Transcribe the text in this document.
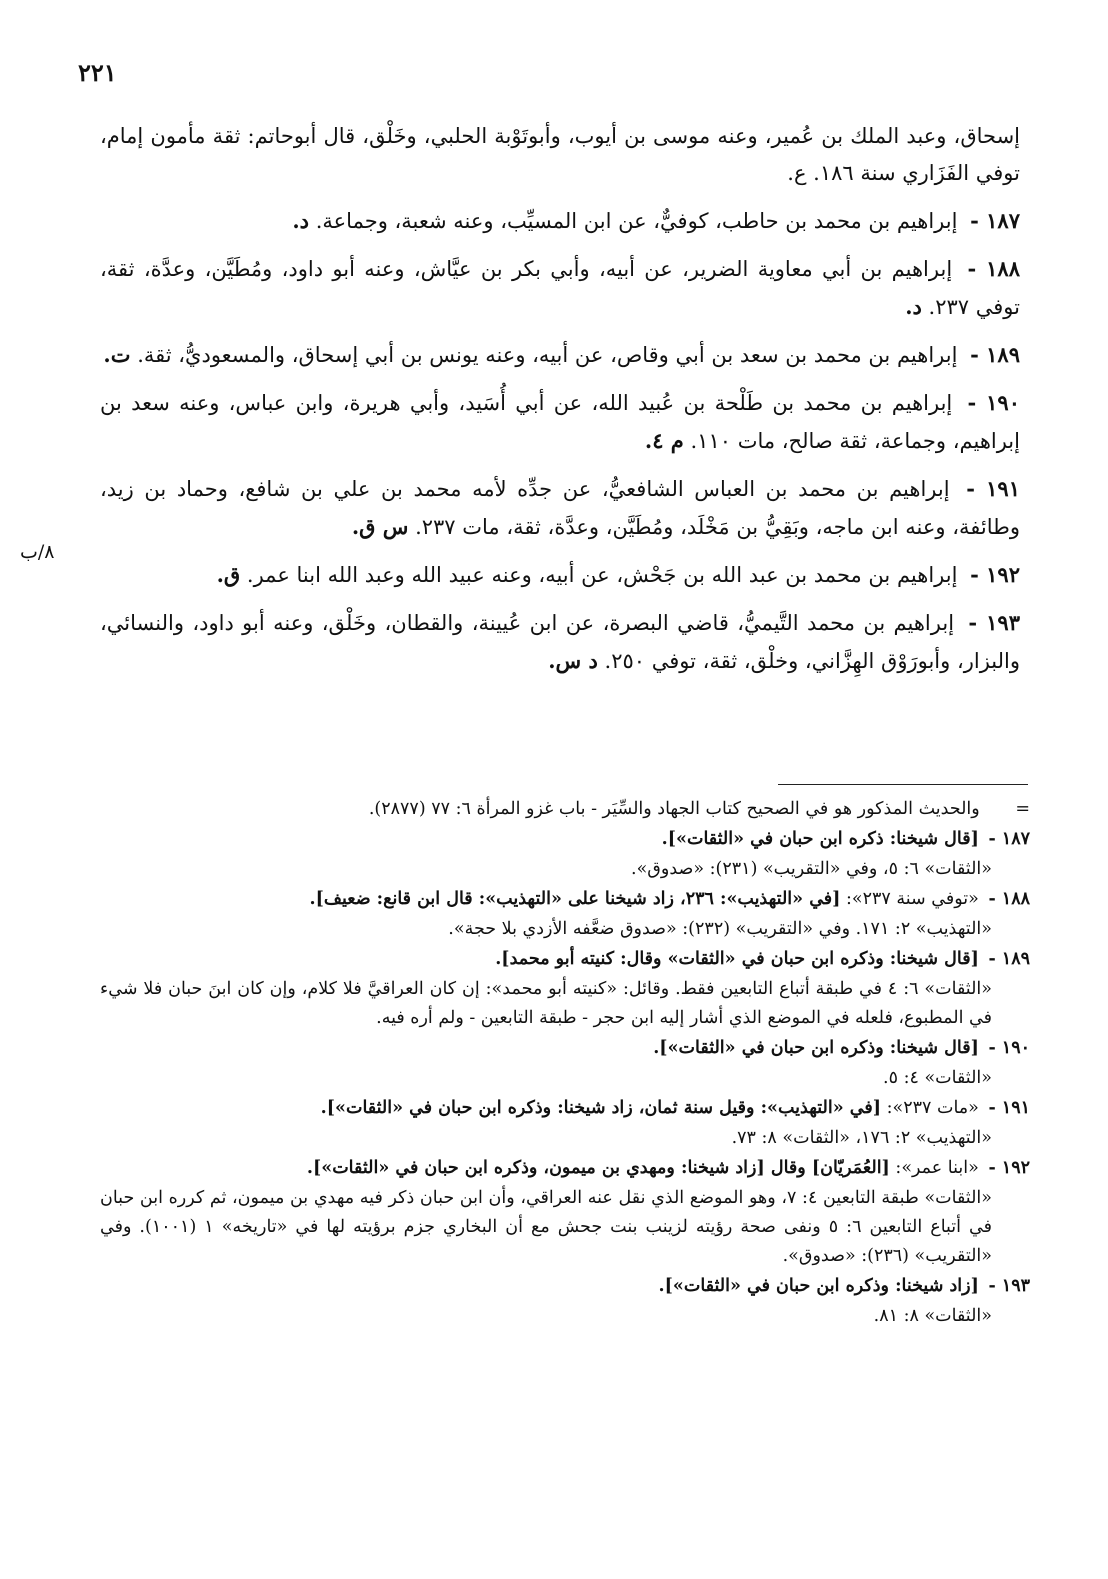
٢٢١
٨/ب

إسحاق، وعبد الملك بن عُمير، وعنه موسى بن أيوب، وأبوتَوْبة الحلبي، وخَلْق، قال أبوحاتم: ثقة مأمون إمام، توفي الفَزَاري سنة ١٨٦. ع.

١٨٧ - إبراهيم بن محمد بن حاطب، كوفيٌّ، عن ابن المسيِّب، وعنه شعبة، وجماعة. د.

١٨٨ - إبراهيم بن أبي معاوية الضرير، عن أبيه، وأبي بكر بن عيَّاش، وعنه أبو داود، ومُطَيَّن، وعدَّة، ثقة، توفي ٢٣٧. د.

١٨٩ - إبراهيم بن محمد بن سعد بن أبي وقاص، عن أبيه، وعنه يونس بن أبي إسحاق، والمسعوديُّ، ثقة. ت.

١٩٠ - إبراهيم بن محمد بن طَلْحة بن عُبيد الله، عن أبي أُسَيد، وأبي هريرة، وابن عباس، وعنه سعد بن إبراهيم، وجماعة، ثقة صالح، مات ١١٠. م ٤.

١٩١ - إبراهيم بن محمد بن العباس الشافعيُّ، عن جدِّه لأمه محمد بن علي بن شافع، وحماد بن زيد، وطائفة، وعنه ابن ماجه، وبَقِيُّ بن مَخْلَد، ومُطَيَّن، وعدَّة، ثقة، مات ٢٣٧. س ق.

١٩٢ - إبراهيم بن محمد بن عبد الله بن جَحْش، عن أبيه، وعنه عبيد الله وعبد الله ابنا عمر. ق.

١٩٣ - إبراهيم بن محمد التَّيميُّ، قاضي البصرة، عن ابن عُيينة، والقطان، وخَلْق، وعنه أبو داود، والنسائي، والبزار، وأبورَوْق الهِزَّاني، وخلْق، ثقة، توفي ٢٥٠. د س.

= والحديث المذكور هو في الصحيح كتاب الجهاد والسِّيَر - باب غزو المرأة ٦: ٧٧ (٢٨٧٧).

١٨٧ - [قال شيخنا: ذكره ابن حبان في «الثقات»].

«الثقات» ٦: ٥، وفي «التقريب» (٢٣١): «صدوق».

١٨٨ - «توفي سنة ٢٣٧»: [في «التهذيب»: ٢٣٦، زاد شيخنا على «التهذيب»: قال ابن قانع: ضعيف].

«التهذيب» ٢: ١٧١. وفي «التقريب» (٢٣٢): «صدوق ضعَّفه الأزدي بلا حجة».

١٨٩ - [قال شيخنا: وذكره ابن حبان في «الثقات» وقال: كنيته أبو محمد].

«الثقات» ٦: ٤ في طبقة أتباع التابعين فقط. وقائل: «كنيته أبو محمد»: إن كان العراقيَّ فلا كلام، وإن كان ابنَ حبان فلا شيء في المطبوع، فلعله في الموضع الذي أشار إليه ابن حجر - طبقة التابعين - ولم أره فيه.

١٩٠ - [قال شيخنا: وذكره ابن حبان في «الثقات»].

«الثقات» ٤: ٥.

١٩١ - «مات ٢٣٧»: [في «التهذيب»: وقيل سنة ثمان، زاد شيخنا: وذكره ابن حبان في «الثقات»].

«التهذيب» ٢: ١٧٦، «الثقات» ٨: ٧٣.

١٩٢ - «ابنا عمر»: [العُمَريّان] وقال [زاد شيخنا: ومهدي بن ميمون، وذكره ابن حبان في «الثقات»].

«الثقات» طبقة التابعين ٤: ٧، وهو الموضع الذي نقل عنه العراقي، وأن ابن حبان ذكر فيه مهدي بن ميمون، ثم كرره ابن حبان في أتباع التابعين ٦: ٥ ونفى صحة رؤيته لزينب بنت جحش مع أن البخاري جزم برؤيته لها في «تاريخه» ١ (١٠٠١). وفي «التقريب» (٢٣٦): «صدوق».

١٩٣ - [زاد شيخنا: وذكره ابن حبان في «الثقات»].

«الثقات» ٨: ٨١.
